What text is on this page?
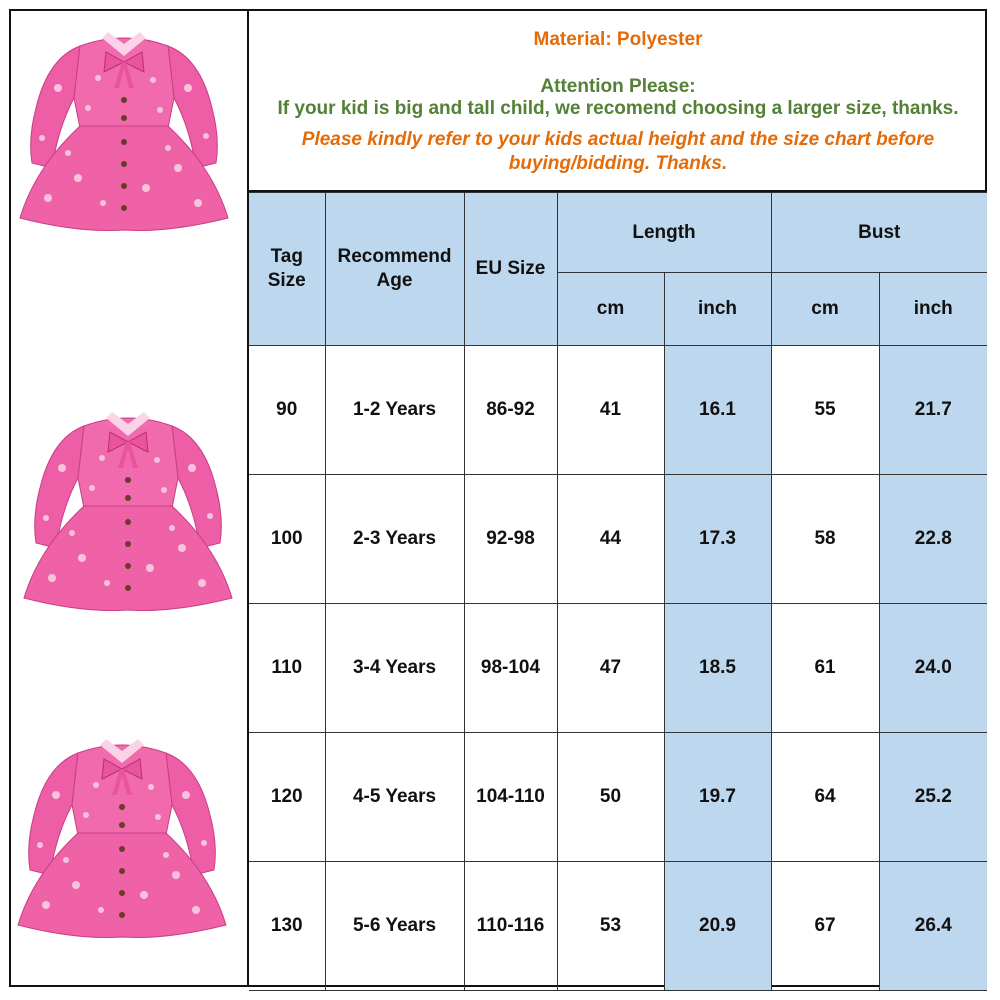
Material: Polyester
Attention Please:
If your kid is big and tall child, we recomend choosing a larger size, thanks.
Please kindly refer to your kids actual height and the size chart before buying/bidding. Thanks.
Tag Size	Recommend Age	EU Size	Length		Bust	
			cm	inch	cm	inch
90	1-2 Years	86-92	41	16.1	55	21.7
100	2-3 Years	92-98	44	17.3	58	22.8
110	3-4 Years	98-104	47	18.5	61	24.0
120	4-5 Years	104-110	50	19.7	64	25.2
130	5-6 Years	110-116	53	20.9	67	26.4
